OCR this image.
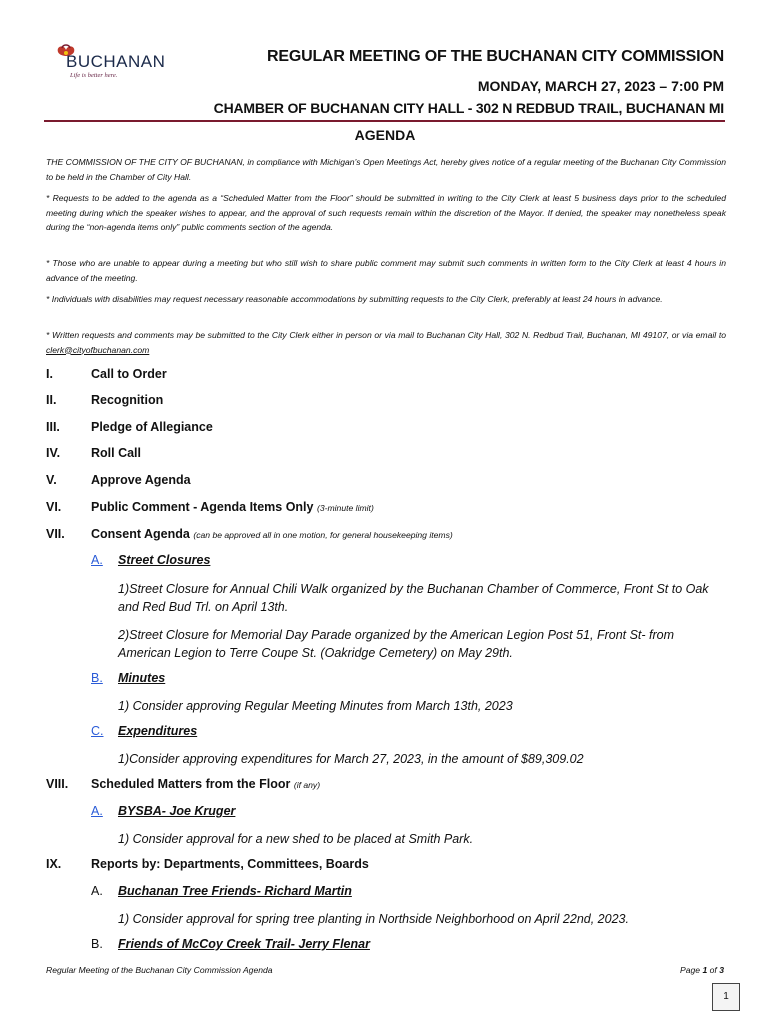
BUCHANAN
Life is better here.
REGULAR MEETING OF THE BUCHANAN CITY COMMISSION
MONDAY, MARCH 27, 2023 – 7:00 PM
CHAMBER OF BUCHANAN CITY HALL - 302 N REDBUD TRAIL, BUCHANAN MI
AGENDA
THE COMMISSION OF THE CITY OF BUCHANAN, in compliance with Michigan’s Open Meetings Act, hereby gives notice of a regular meeting of the Buchanan City Commission to be held in the Chamber of City Hall.
* Requests to be added to the agenda as a “Scheduled Matter from the Floor” should be submitted in writing to the City Clerk at least 5 business days prior to the scheduled meeting during which the speaker wishes to appear, and the approval of such requests remain within the discretion of the Mayor. If denied, the speaker may nonetheless speak during the “non-agenda items only” public comments section of the agenda.
* Those who are unable to appear during a meeting but who still wish to share public comment may submit such comments in written form to the City Clerk at least 4 hours in advance of the meeting.
* Individuals with disabilities may request necessary reasonable accommodations by submitting requests to the City Clerk, preferably at least 24 hours in advance.
* Written requests and comments may be submitted to the City Clerk either in person or via mail to Buchanan City Hall, 302 N. Redbud Trail, Buchanan, MI 49107, or via email to clerk@cityofbuchanan.com
I.	Call to Order
II.	Recognition
III. Pledge of Allegiance
IV. Roll Call
V.	Approve Agenda
VI. Public Comment - Agenda Items Only (3-minute limit)
VII. Consent Agenda (can be approved all in one motion, for general housekeeping items)
A. Street Closures
1)Street Closure for Annual Chili Walk organized by the Buchanan Chamber of Commerce, Front St to Oak and Red Bud Trl. on April 13th.
2)Street Closure for Memorial Day Parade organized by the American Legion Post 51, Front St- from American Legion to Terre Coupe St. (Oakridge Cemetery) on May 29th.
B. Minutes
1) Consider approving Regular Meeting Minutes from March 13th, 2023
C. Expenditures
1)Consider approving expenditures for March 27, 2023, in the amount of $89,309.02
VIII. Scheduled Matters from the Floor (if any)
A. BYSBA- Joe Kruger
1) Consider approval for a new shed to be placed at Smith Park.
IX. Reports by: Departments, Committees, Boards
A. Buchanan Tree Friends- Richard Martin
1) Consider approval for spring tree planting in Northside Neighborhood on April 22nd, 2023.
B. Friends of McCoy Creek Trail- Jerry Flenar
Regular Meeting of the Buchanan City Commission Agenda	Page 1 of 3
1
